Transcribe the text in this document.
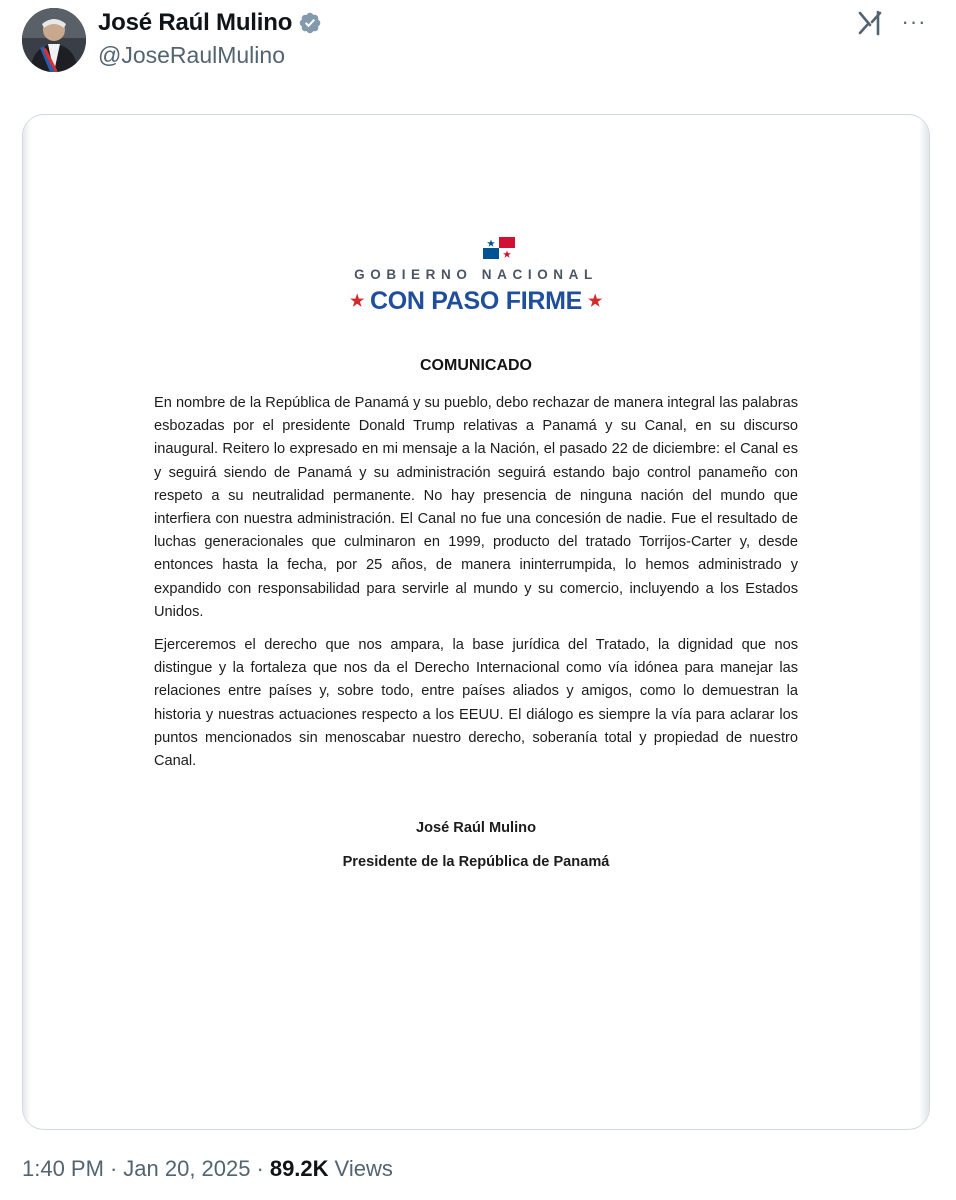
José Raúl Mulino
@JoseRaulMulino
···
GOBIERNO NACIONAL
★ CON PASO FIRME ★
COMUNICADO

En nombre de la República de Panamá y su pueblo, debo rechazar de manera integral las palabras esbozadas por el presidente Donald Trump relativas a Panamá y su Canal, en su discurso inaugural. Reitero lo expresado en mi mensaje a la Nación, el pasado 22 de diciembre: el Canal es y seguirá siendo de Panamá y su administración seguirá estando bajo control panameño con respeto a su neutralidad permanente. No hay presencia de ninguna nación del mundo que interfiera con nuestra administración. El Canal no fue una concesión de nadie. Fue el resultado de luchas generacionales que culminaron en 1999, producto del tratado Torrijos-Carter y, desde entonces hasta la fecha, por 25 años, de manera ininterrumpida, lo hemos administrado y expandido con responsabilidad para servirle al mundo y su comercio, incluyendo a los Estados Unidos.

Ejerceremos el derecho que nos ampara, la base jurídica del Tratado, la dignidad que nos distingue y la fortaleza que nos da el Derecho Internacional como vía idónea para manejar las relaciones entre países y, sobre todo, entre países aliados y amigos, como lo demuestran la historia y nuestras actuaciones respecto a los EEUU. El diálogo es siempre la vía para aclarar los puntos mencionados sin menoscabar nuestro derecho, soberanía total y propiedad de nuestro Canal.

José Raúl Mulino
Presidente de la República de Panamá
1:40 PM · Jan 20, 2025 · 89.2K Views
